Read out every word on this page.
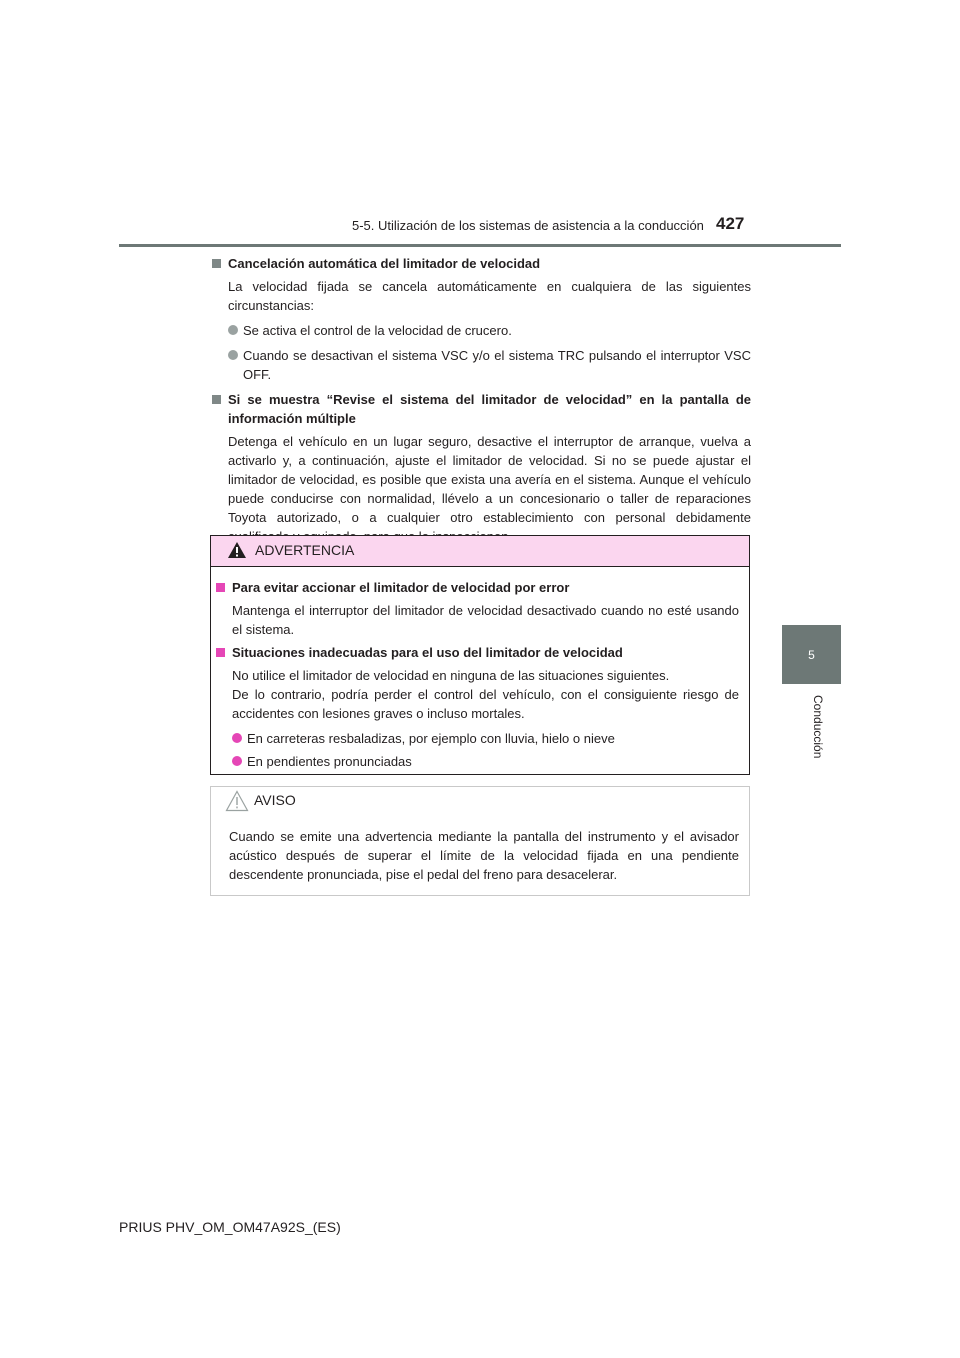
5-5. Utilización de los sistemas de asistencia a la conducción 427
5
Conducción
Cancelación automática del limitador de velocidad
La velocidad fijada se cancela automáticamente en cualquiera de las siguientes circunstancias:
Se activa el control de la velocidad de crucero.
Cuando se desactivan el sistema VSC y/o el sistema TRC pulsando el interruptor VSC OFF.
Si se muestra “Revise el sistema del limitador de velocidad” en la pantalla de información múltiple
Detenga el vehículo en un lugar seguro, desactive el interruptor de arranque, vuelva a activarlo y, a continuación, ajuste el limitador de velocidad. Si no se puede ajustar el limitador de velocidad, es posible que exista una avería en el sistema. Aunque el vehículo puede conducirse con normalidad, llévelo a un concesionario o taller de reparaciones Toyota autorizado, o a cualquier otro establecimiento con personal debidamente
ADVERTENCIA
Para evitar accionar el limitador de velocidad por error
Mantenga el interruptor del limitador de velocidad desactivado cuando no esté usando el sistema.
Situaciones inadecuadas para el uso del limitador de velocidad
No utilice el limitador de velocidad en ninguna de las situaciones siguientes.
De lo contrario, podría perder el control del vehículo, con el consiguiente riesgo de accidentes con lesiones graves o incluso mortales.
En carreteras resbaladizas, por ejemplo con lluvia, hielo o nieve
En pendientes pronunciadas
AVISO
Cuando se emite una advertencia mediante la pantalla del instrumento y el avisador acústico después de superar el límite de la velocidad fijada en una pendiente descendente pronunciada, pise el pedal del freno para desacelerar.
PRIUS PHV_OM_OM47A92S_(ES)
